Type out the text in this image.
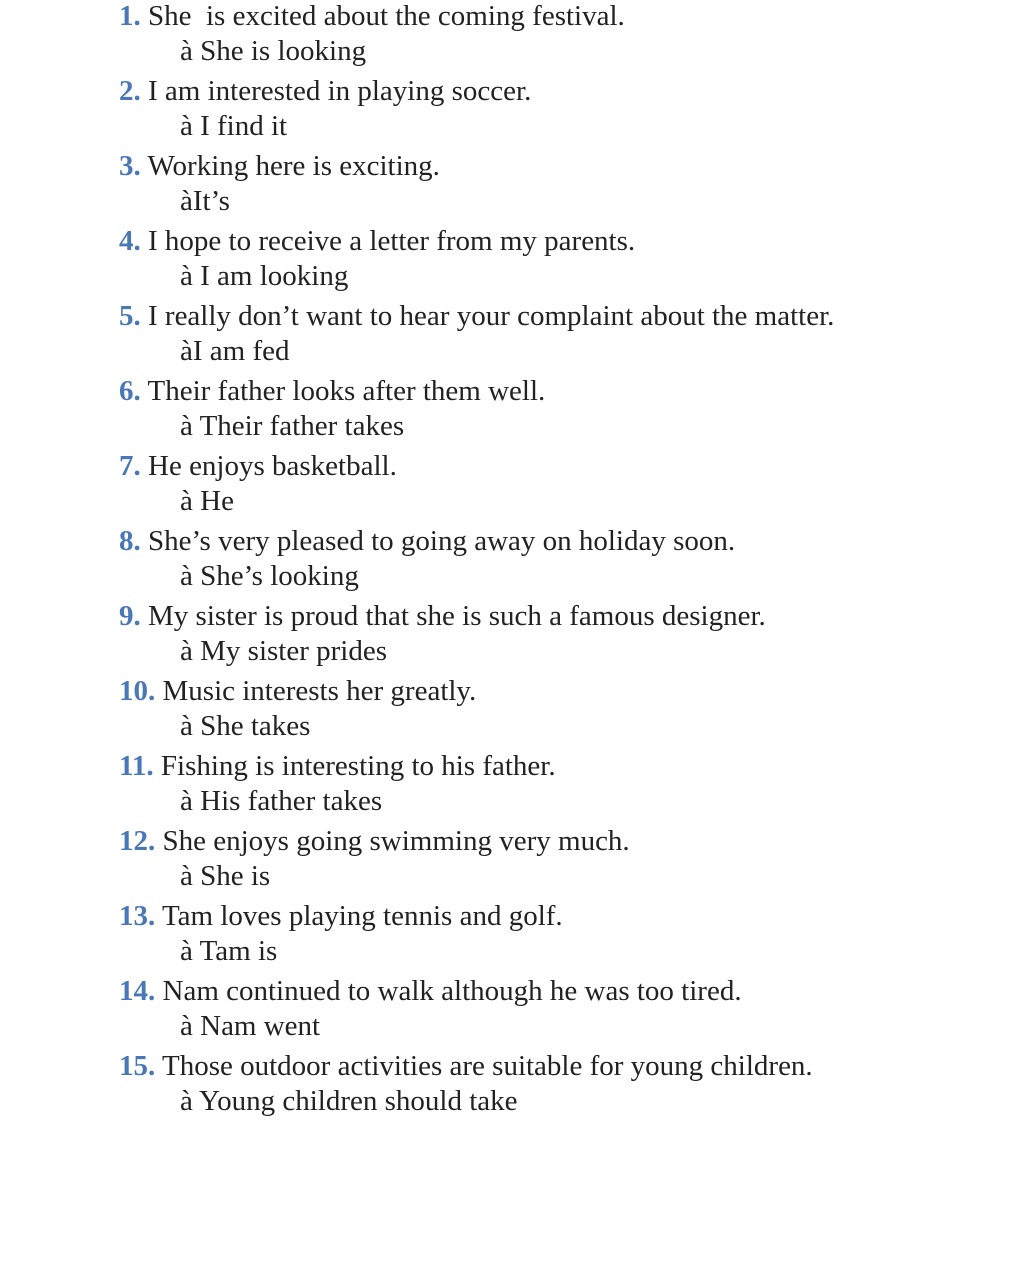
1. She  is excited about the coming festival.
à She is looking
2. I am interested in playing soccer.
à I find it
3. Working here is exciting.
àIt’s
4. I hope to receive a letter from my parents.
à I am looking
5. I really don’t want to hear your complaint about the matter.
àI am fed
6. Their father looks after them well.
à Their father takes
7. He enjoys basketball.
à He
8. She’s very pleased to going away on holiday soon.
à She’s looking
9. My sister is proud that she is such a famous designer.
à My sister prides
10. Music interests her greatly.
à She takes
11. Fishing is interesting to his father.
à His father takes
12. She enjoys going swimming very much.
à She is
13. Tam loves playing tennis and golf.
à Tam is
14. Nam continued to walk although he was too tired.
à Nam went
15. Those outdoor activities are suitable for young children.
à Young children should take
